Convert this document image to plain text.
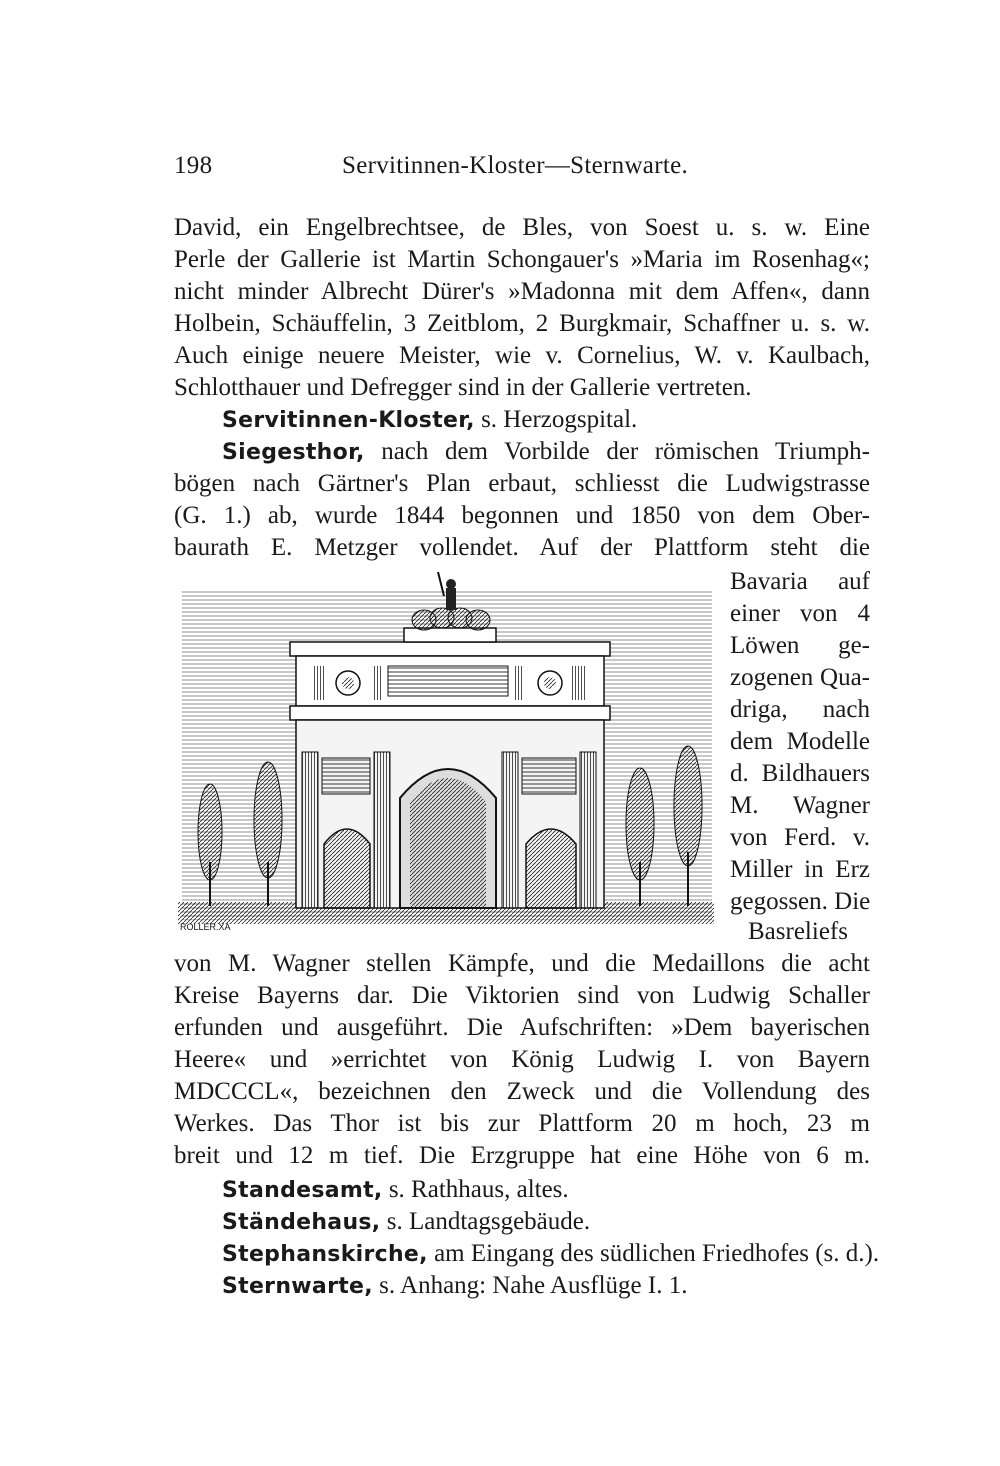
198	Servitinnen-Kloster—Sternwarte.
David, ein Engelbrechtsee, de Bles, von Soest u. s. w. Eine
Perle der Gallerie ist Martin Schongauer's »Maria im Rosenhag«;
nicht minder Albrecht Dürer's »Madonna mit dem Affen«, dann
Holbein, Schäuffelin, 3 Zeitblom, 2 Burgkmair, Schaffner u. s. w.
Auch einige neuere Meister, wie v. Cornelius, W. v. Kaulbach,
Schlotthauer und Defregger sind in der Gallerie vertreten.
Servitinnen-Kloster, s. Herzogspital.
Siegesthor, nach dem Vorbilde der römischen Triumph-
bögen nach Gärtner's Plan erbaut, schliesst die Ludwigstrasse
(G. 1.) ab, wurde 1844 begonnen und 1850 von dem Ober-
baurath E. Metzger vollendet. Auf der Plattform steht die
Bavaria auf
einer von 4
Löwen ge-
zogenen Qua-
driga, nach
dem Modelle
d. Bildhauers
M. Wagner
von Ferd. v.
Miller in Erz
gegossen. Die
Basreliefs
ROLLER.XA
von M. Wagner stellen Kämpfe, und die Medaillons die acht
Kreise Bayerns dar. Die Viktorien sind von Ludwig Schaller
erfunden und ausgeführt. Die Aufschriften: »Dem bayerischen
Heere« und »errichtet von König Ludwig I. von Bayern
MDCCCL«, bezeichnen den Zweck und die Vollendung des
Werkes. Das Thor ist bis zur Plattform 20 m hoch, 23 m
breit und 12 m tief. Die Erzgruppe hat eine Höhe von 6 m.
Standesamt, s. Rathhaus, altes.
Ständehaus, s. Landtagsgebäude.
Stephanskirche, am Eingang des südlichen Friedhofes (s. d.).
Sternwarte, s. Anhang: Nahe Ausflüge I. 1.
